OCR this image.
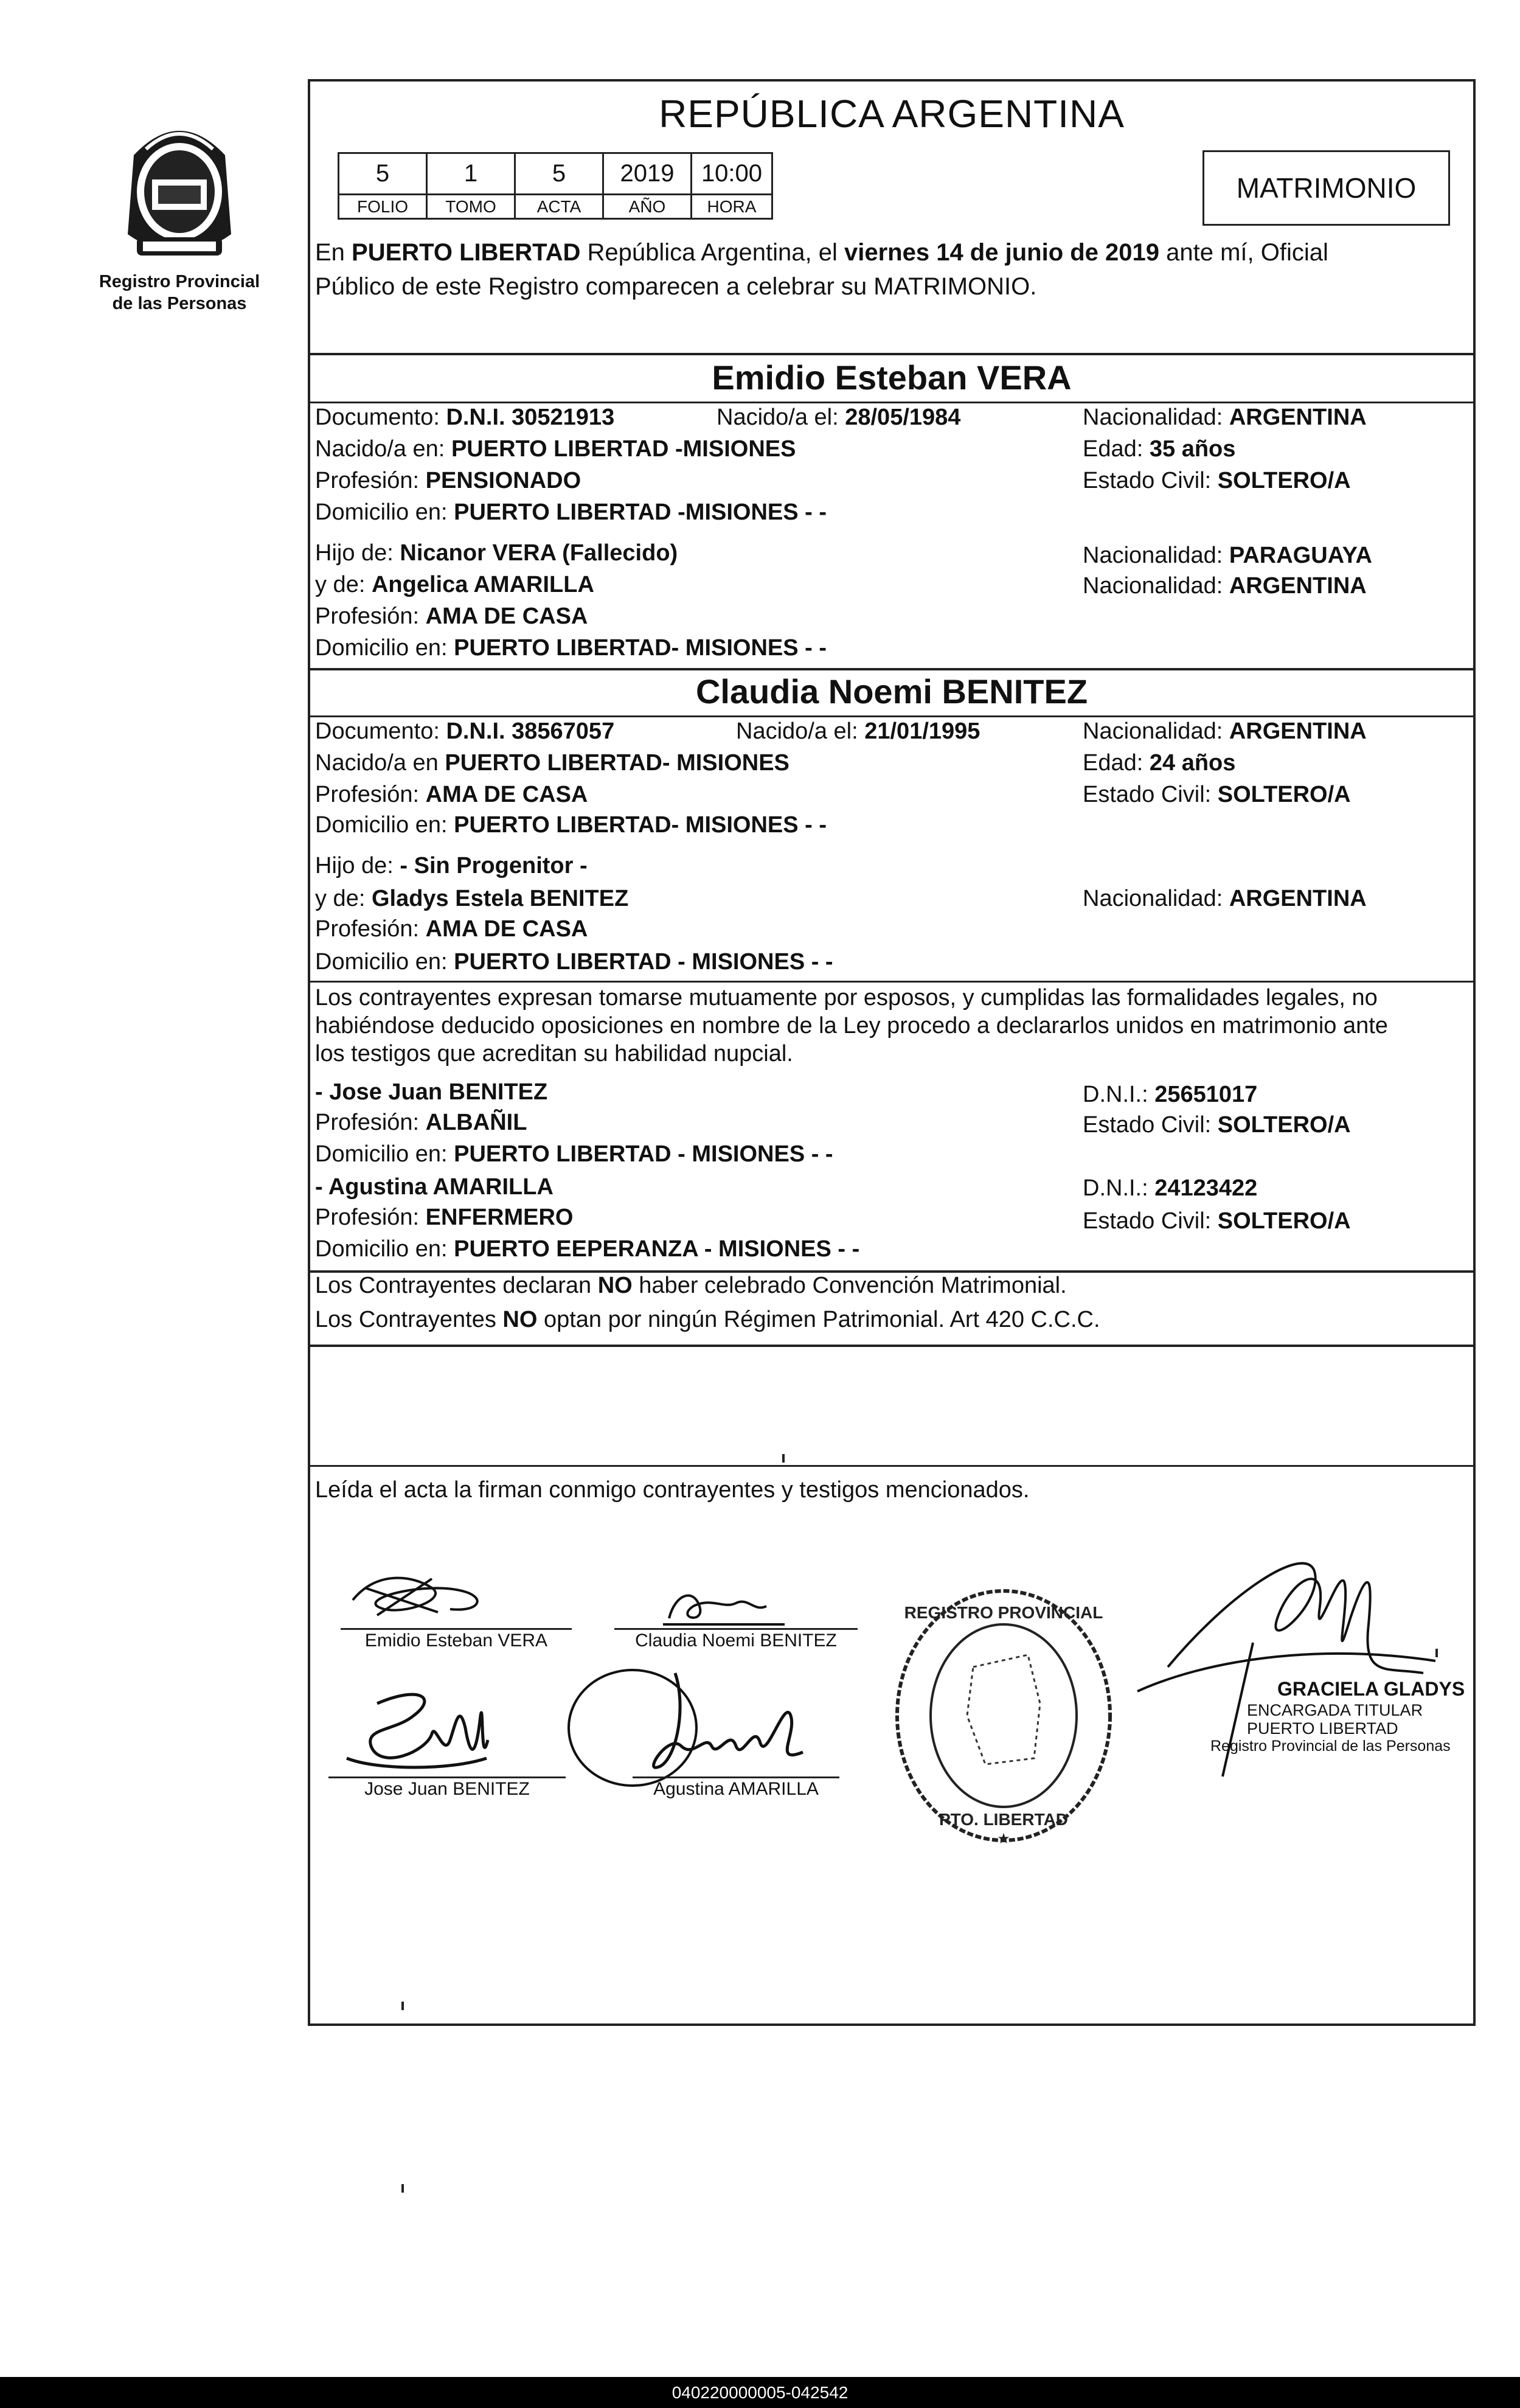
Registro Provincial
de las Personas
REPÚBLICA ARGENTINA
5	1	5	2019	10:00
FOLIO	TOMO	ACTA	AÑO	HORA
MATRIMONIO
En PUERTO LIBERTAD República Argentina, el viernes 14 de junio de 2019 ante mí, Oficial
Público de este Registro comparecen a celebrar su MATRIMONIO.
Emidio Esteban VERA
Documento: D.N.I. 30521913	Nacido/a el: 28/05/1984	Nacionalidad: ARGENTINA
Nacido/a en: PUERTO LIBERTAD -MISIONES	Edad: 35 años
Profesión: PENSIONADO	Estado Civil: SOLTERO/A
Domicilio en: PUERTO LIBERTAD -MISIONES - -
Hijo de: Nicanor VERA (Fallecido)	Nacionalidad: PARAGUAYA
y de: Angelica AMARILLA	Nacionalidad: ARGENTINA
Profesión: AMA DE CASA
Domicilio en: PUERTO LIBERTAD- MISIONES - -
Claudia Noemi BENITEZ
Documento: D.N.I. 38567057	Nacido/a el: 21/01/1995	Nacionalidad: ARGENTINA
Nacido/a en PUERTO LIBERTAD- MISIONES	Edad: 24 años
Profesión: AMA DE CASA	Estado Civil: SOLTERO/A
Domicilio en: PUERTO LIBERTAD- MISIONES - -
Hijo de: - Sin Progenitor -
y de: Gladys Estela BENITEZ	Nacionalidad: ARGENTINA
Profesión: AMA DE CASA
Domicilio en: PUERTO LIBERTAD - MISIONES - -
Los contrayentes expresan tomarse mutuamente por esposos, y cumplidas las formalidades legales, no
habiéndose deducido oposiciones en nombre de la Ley procedo a declararlos unidos en matrimonio ante
los testigos que acreditan su habilidad nupcial.
- Jose Juan BENITEZ	D.N.I.: 25651017
Profesión: ALBAÑIL	Estado Civil: SOLTERO/A
Domicilio en: PUERTO LIBERTAD - MISIONES - -
- Agustina AMARILLA	D.N.I.: 24123422
Profesión: ENFERMERO	Estado Civil: SOLTERO/A
Domicilio en: PUERTO EEPERANZA - MISIONES - -
Los Contrayentes declaran NO haber celebrado Convención Matrimonial.
Los Contrayentes NO optan por ningún Régimen Patrimonial. Art 420 C.C.C.
Leída el acta la firman conmigo contrayentes y testigos mencionados.
Emidio Esteban VERA	Claudia Noemi BENITEZ
Jose Juan BENITEZ	Agustina AMARILLA
REGISTRO PROVINCIAL
PTO. LIBERTAD
★
GRACIELA GLADYS
ENCARGADA TITULAR
PUERTO LIBERTAD
Registro Provincial de las Personas
040220000005-042542
